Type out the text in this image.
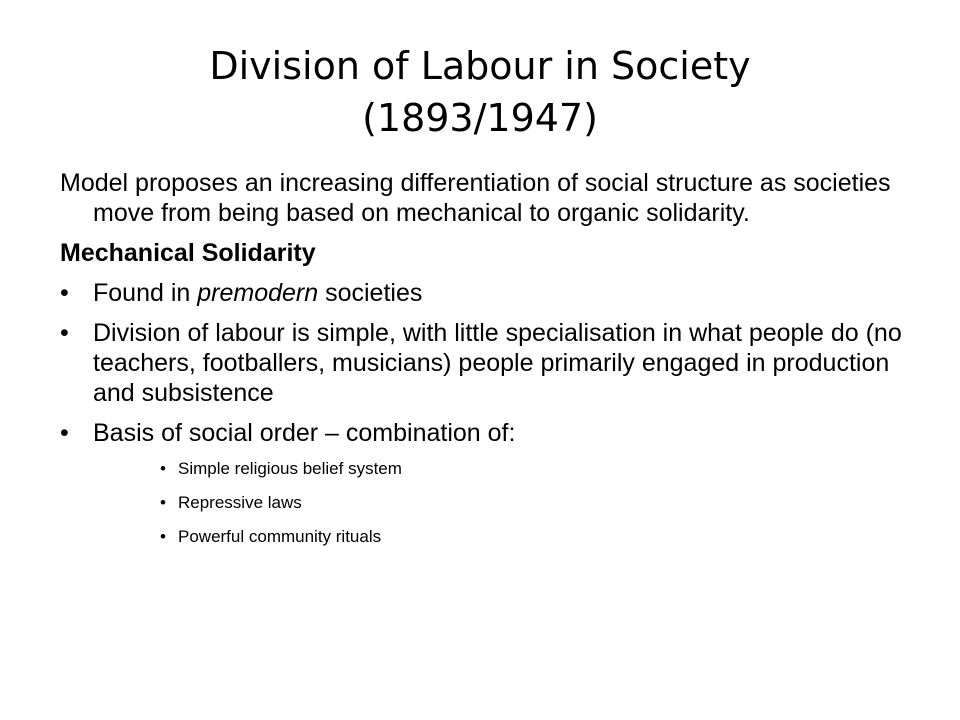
Division of Labour in Society
(1893/1947)

Model proposes an increasing differentiation of social structure as societies move from being based on mechanical to organic solidarity.

Mechanical Solidarity

• Found in premodern societies
• Division of labour is simple, with little specialisation in what people do (no teachers, footballers, musicians) people primarily engaged in production and subsistence
• Basis of social order – combination of:
• Simple religious belief system
• Repressive laws
• Powerful community rituals
